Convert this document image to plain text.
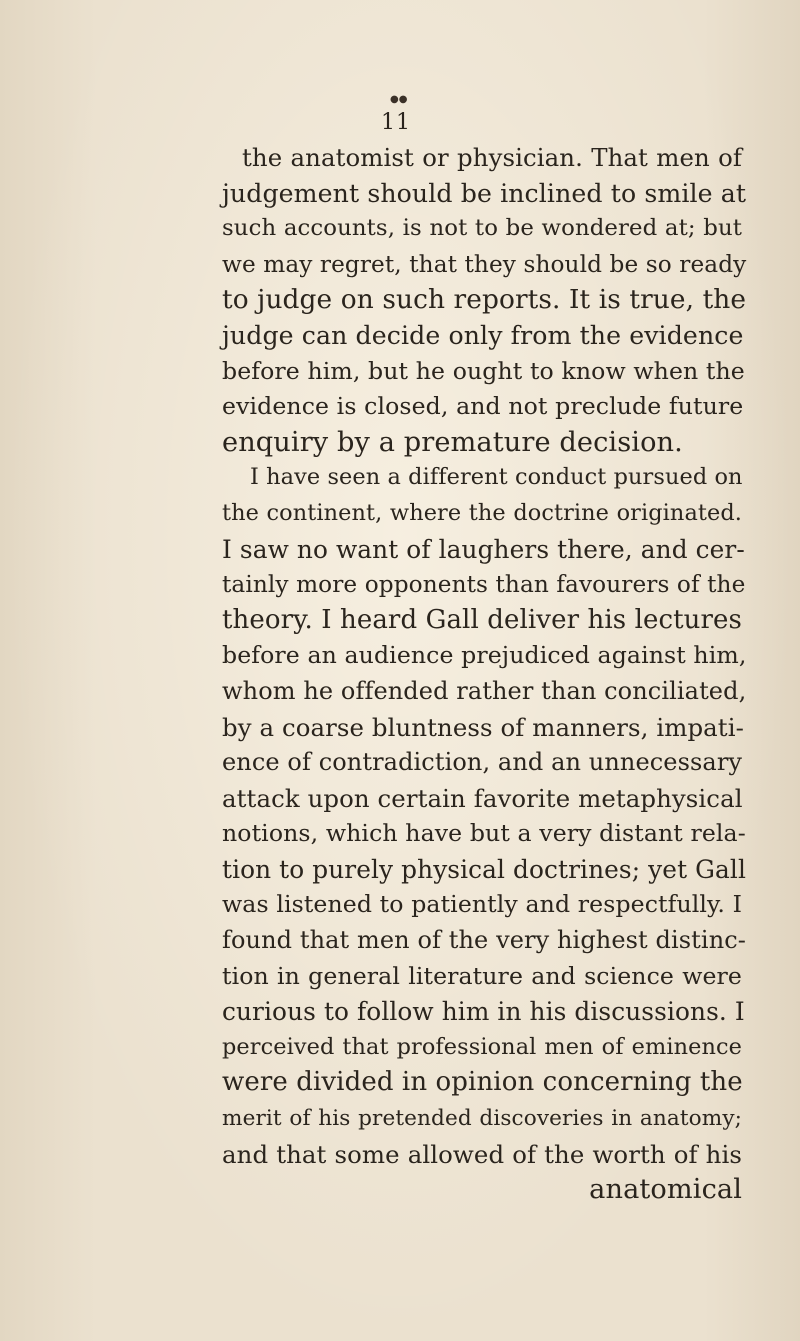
●●
11
the anatomist or physician. That men of
judgement should be inclined to smile at
such accounts, is not to be wondered at; but
we may regret, that they should be so ready
to judge on such reports. It is true, the
judge can decide only from the evidence
before him, but he ought to know when the
evidence is closed, and not preclude future
enquiry by a premature decision.
I have seen a different conduct pursued on
the continent, where the doctrine originated.
I saw no want of laughers there, and cer-
tainly more opponents than favourers of the
theory. I heard Gall deliver his lectures
before an audience prejudiced against him,
whom he offended rather than conciliated,
by a coarse bluntness of manners, impati-
ence of contradiction, and an unnecessary
attack upon certain favorite metaphysical
notions, which have but a very distant rela-
tion to purely physical doctrines; yet Gall
was listened to patiently and respectfully. I
found that men of the very highest distinc-
tion in general literature and science were
curious to follow him in his discussions. I
perceived that professional men of eminence
were divided in opinion concerning the
merit of his pretended discoveries in anatomy;
and that some allowed of the worth of his
anatomical
